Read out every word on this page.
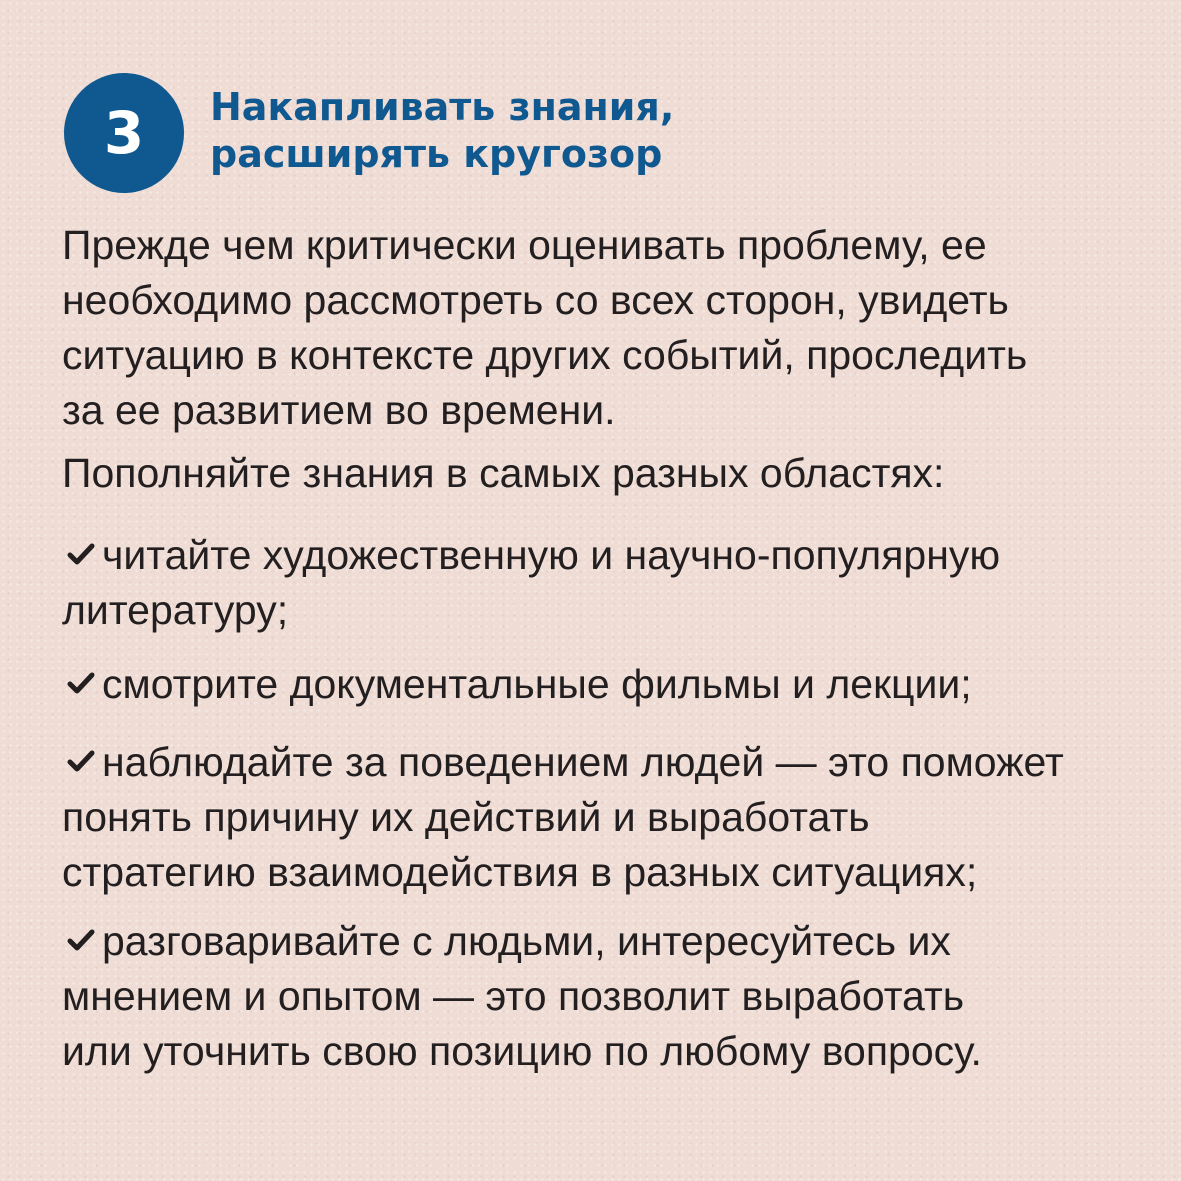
3 Накапливать знания,
расширять кругозор

Прежде чем критически оценивать проблему, ее
необходимо рассмотреть со всех сторон, увидеть
ситуацию в контексте других событий, проследить
за ее развитием во времени.

Пополняйте знания в самых разных областях:

читайте художественную и научно-популярную
литературу;
смотрите документальные фильмы и лекции;
наблюдайте за поведением людей — это поможет
понять причину их действий и выработать
стратегию взаимодействия в разных ситуациях;
разговаривайте с людьми, интересуйтесь их
мнением и опытом — это позволит выработать
или уточнить свою позицию по любому вопросу.
